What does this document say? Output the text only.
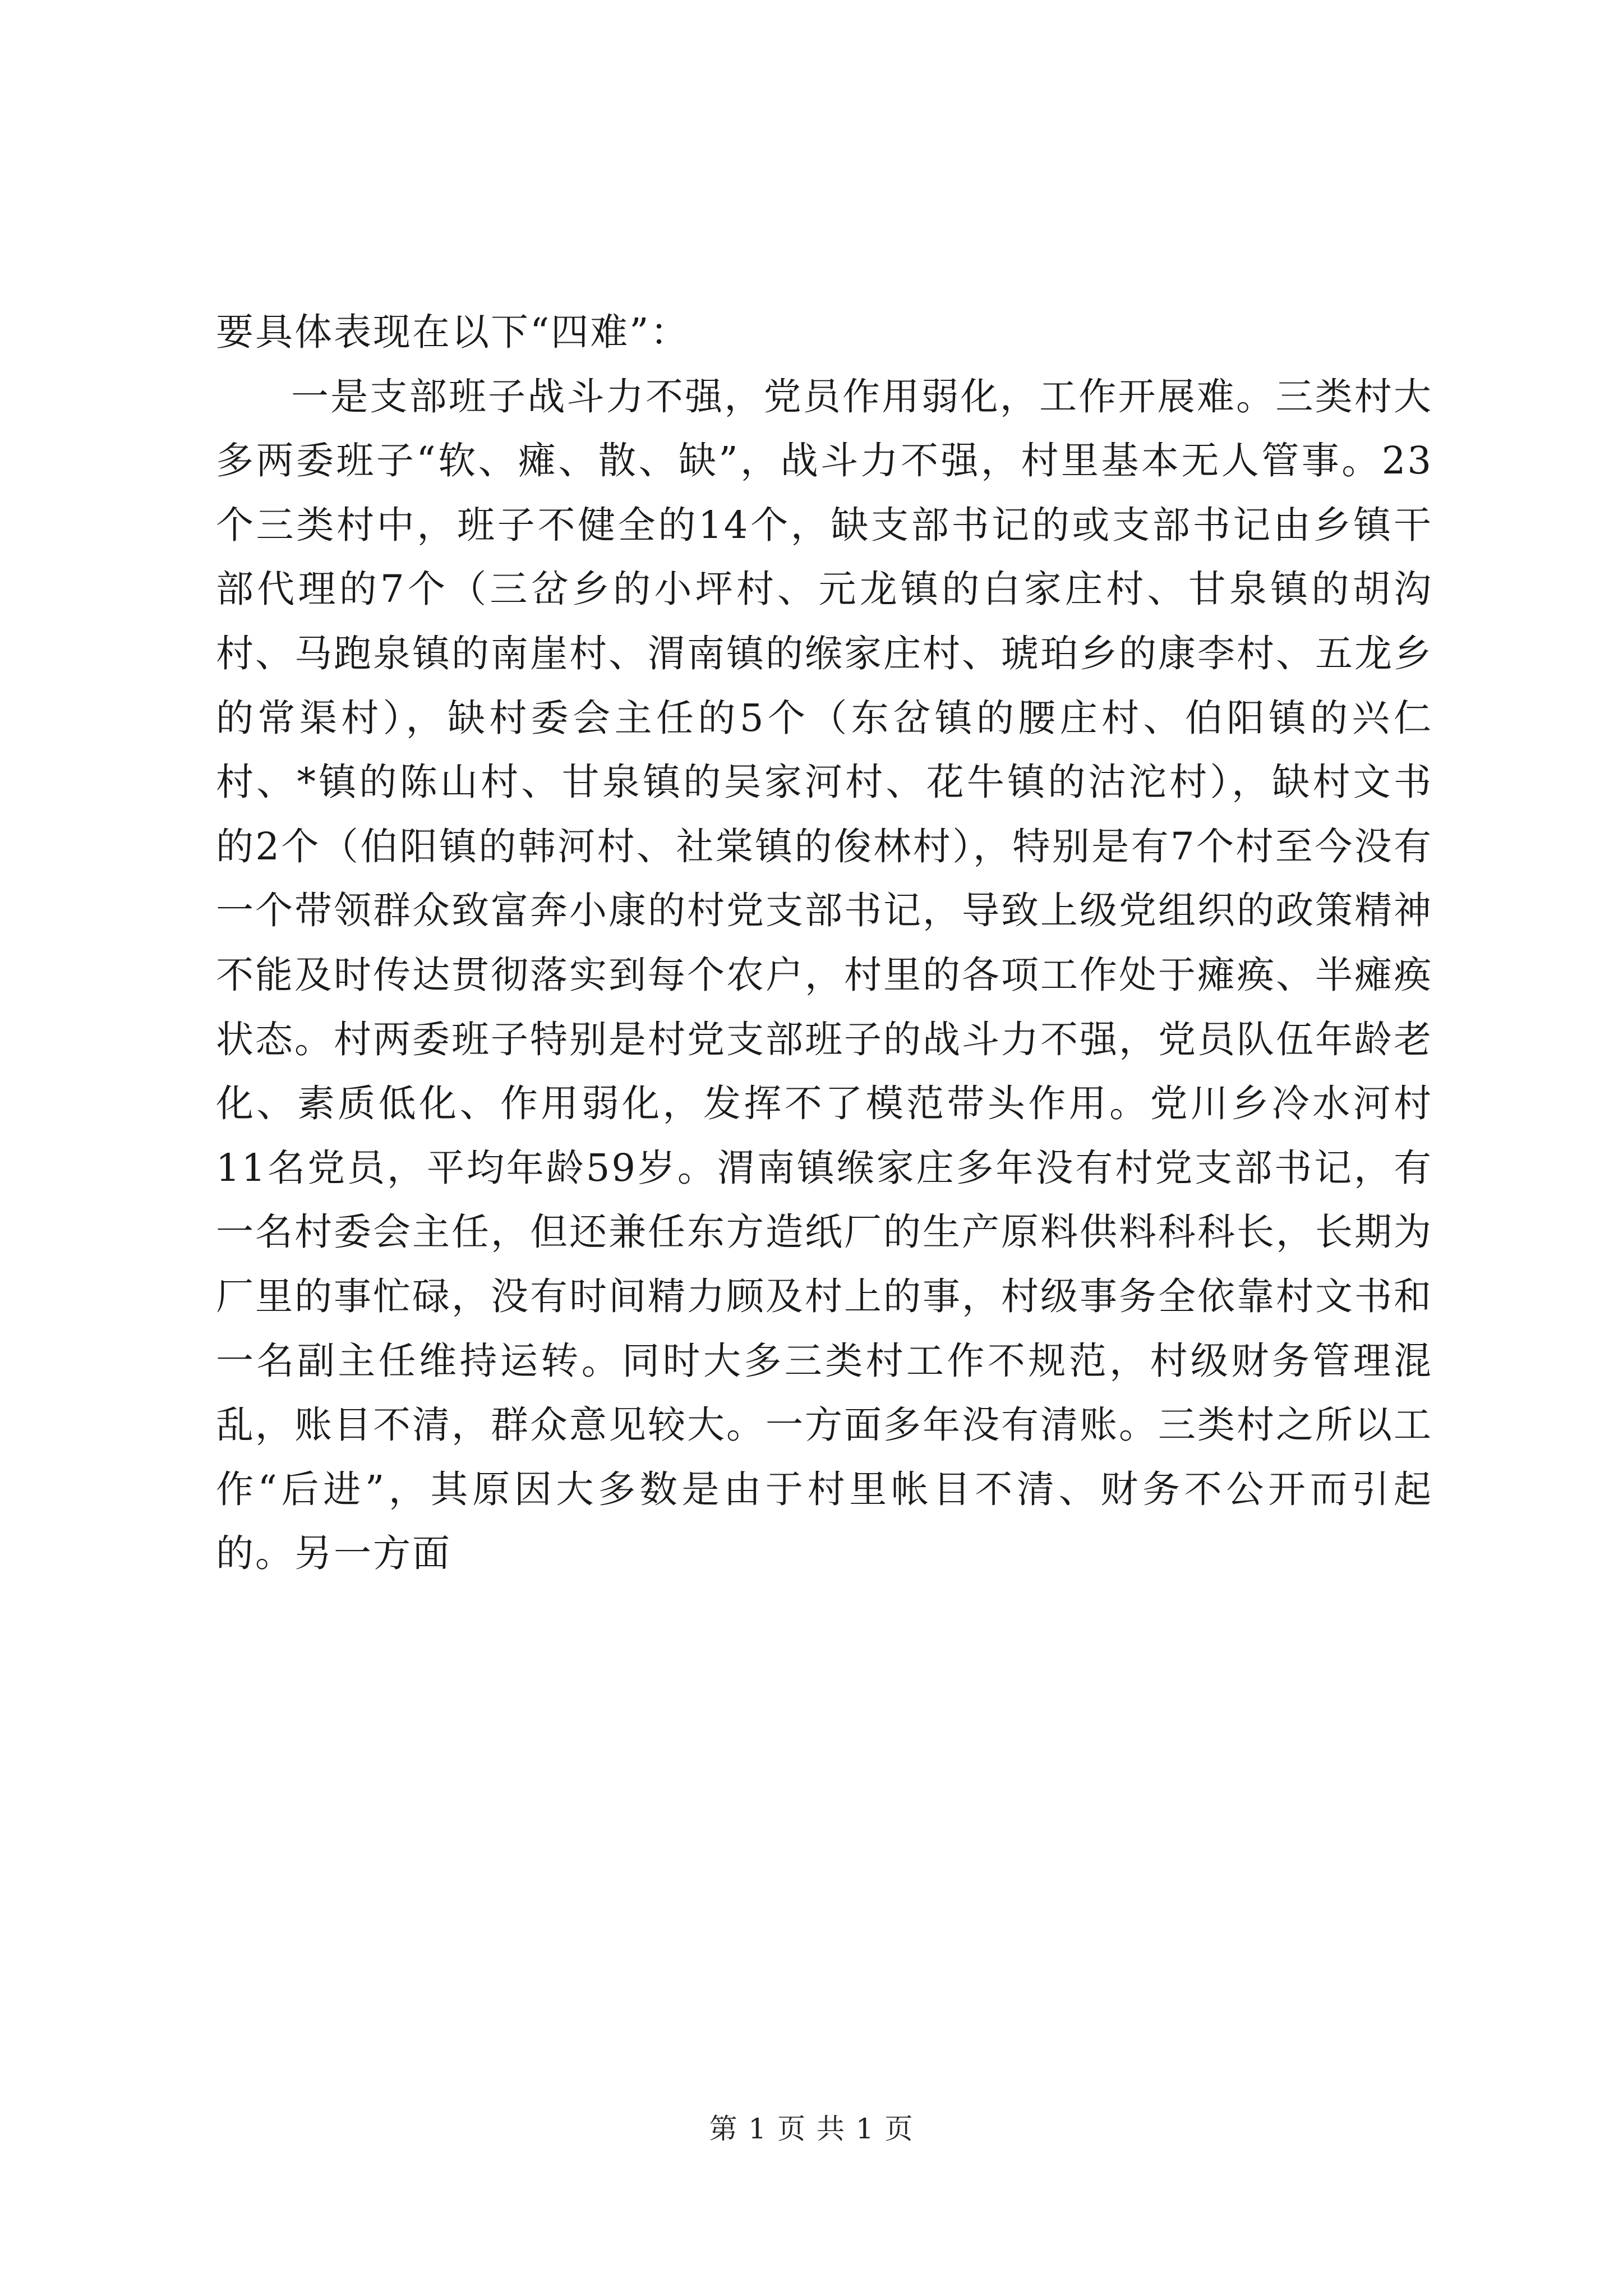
要具体表现在以下“四难”：

一是支部班子战斗力不强，党员作用弱化，工作开展难。三类村大多两委班子“软、瘫、散、缺”，战斗力不强，村里基本无人管事。23个三类村中，班子不健全的14个，缺支部书记的或支部书记由乡镇干部代理的7个（三岔乡的小坪村、元龙镇的白家庄村、甘泉镇的胡沟村、马跑泉镇的南崖村、渭南镇的缑家庄村、琥珀乡的康李村、五龙乡的常渠村），缺村委会主任的5个（东岔镇的腰庄村、伯阳镇的兴仁村、*镇的陈山村、甘泉镇的吴家河村、花牛镇的沽沱村），缺村文书的2个（伯阳镇的韩河村、社棠镇的俊林村），特别是有7个村至今没有一个带领群众致富奔小康的村党支部书记，导致上级党组织的政策精神不能及时传达贯彻落实到每个农户，村里的各项工作处于瘫痪、半瘫痪状态。村两委班子特别是村党支部班子的战斗力不强，党员队伍年龄老化、素质低化、作用弱化，发挥不了模范带头作用。党川乡冷水河村11名党员，平均年龄59岁。渭南镇缑家庄多年没有村党支部书记，有一名村委会主任，但还兼任东方造纸厂的生产原料供料科科长，长期为厂里的事忙碌，没有时间精力顾及村上的事，村级事务全依靠村文书和一名副主任维持运转。同时大多三类村工作不规范，村级财务管理混乱，账目不清，群众意见较大。一方面多年没有清账。三类村之所以工作“后进”，其原因大多数是由于村里帐目不清、财务不公开而引起的。另一方面

第 1 页 共 1 页
